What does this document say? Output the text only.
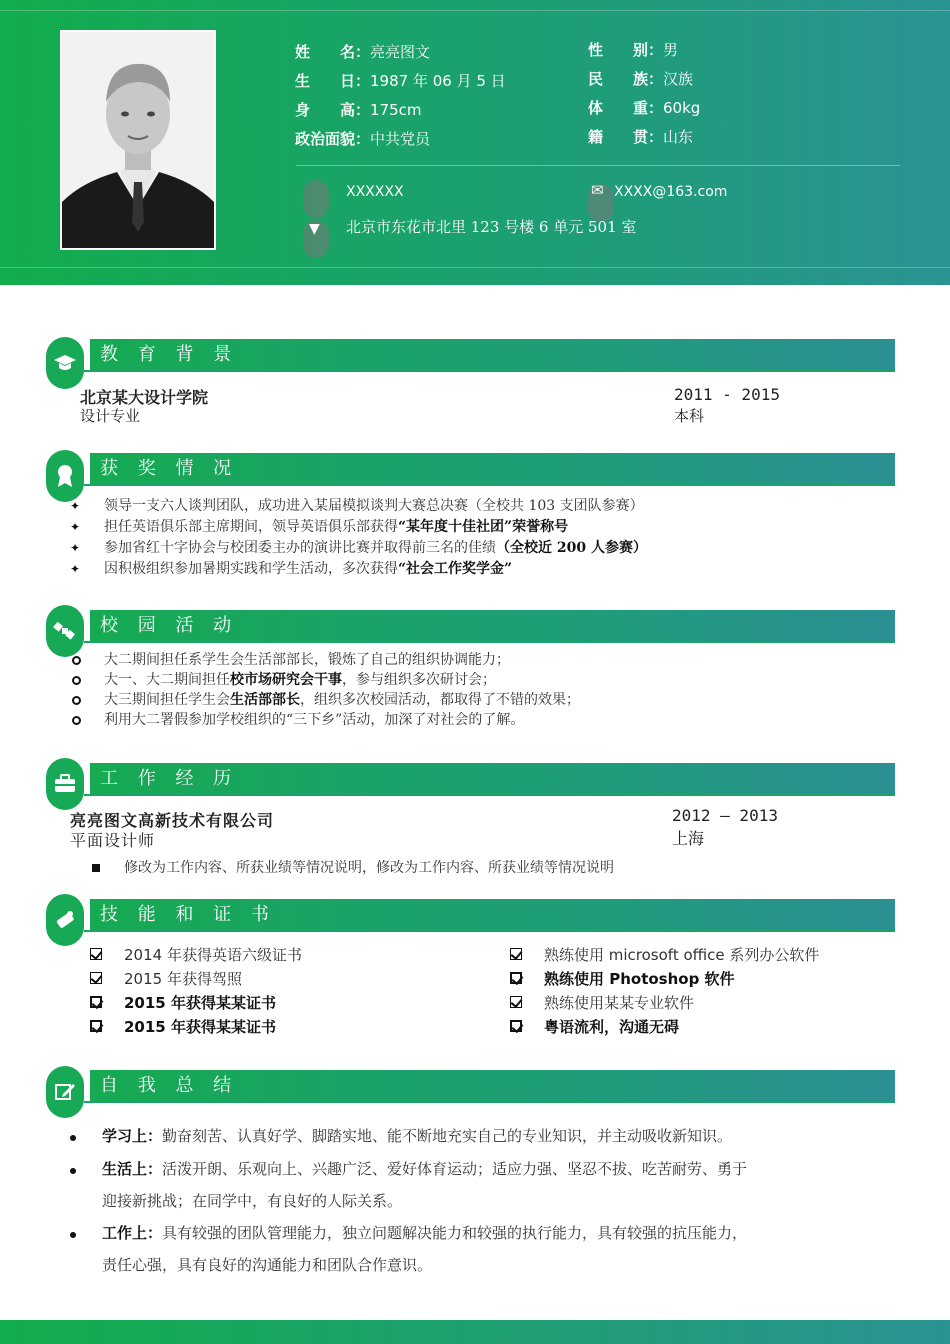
姓　　名：亮亮图文
生　　日：1987 年 06 月 5 日
身　　高：175cm
政治面貌：中共党员
性　　别：男
民　　族：汉族
体　　重：60kg
籍　　贯：山东
XXXXXX	✉ XXXX@163.com
▼ 北京市东花市北里 123 号楼 6 单元 501 室
教 育 背 景
北京某大设计学院
设计专业
2011 - 2015
本科
获 奖 情 况
✦ 领导一支六人谈判团队，成功进入某届模拟谈判大赛总决赛（全校共 103 支团队参赛）
✦ 担任英语俱乐部主席期间，领导英语俱乐部获得“某年度十佳社团”荣誉称号
✦ 参加省红十字协会与校团委主办的演讲比赛并取得前三名的佳绩（全校近 200 人参赛）
✦ 因积极组织参加暑期实践和学生活动，多次获得“社会工作奖学金”
校 园 活 动
大二期间担任系学生会生活部部长，锻炼了自己的组织协调能力；
大一、大二期间担任校市场研究会干事，参与组织多次研讨会；
大三期间担任学生会生活部部长，组织多次校园活动，都取得了不错的效果；
利用大二署假参加学校组织的“三下乡”活动，加深了对社会的了解。
工 作 经 历
亮亮图文高新技术有限公司
平面设计师
2012 – 2013
上海
修改为工作内容、所获业绩等情况说明，修改为工作内容、所获业绩等情况说明
技 能 和 证 书
2014 年获得英语六级证书
2015 年获得驾照
2015 年获得某某证书
2015 年获得某某证书
熟练使用 microsoft office 系列办公软件
熟练使用 Photoshop 软件
熟练使用某某专业软件
粤语流利，沟通无碍
自 我 总 结
学习上：勤奋刻苦、认真好学、脚踏实地、能不断地充实自己的专业知识，并主动吸收新知识。
生活上：活泼开朗、乐观向上、兴趣广泛、爱好体育运动；适应力强、坚忍不拔、吃苦耐劳、勇于
迎接新挑战；在同学中，有良好的人际关系。
工作上：具有较强的团队管理能力，独立问题解决能力和较强的执行能力，具有较强的抗压能力，
责任心强，具有良好的沟通能力和团队合作意识。
